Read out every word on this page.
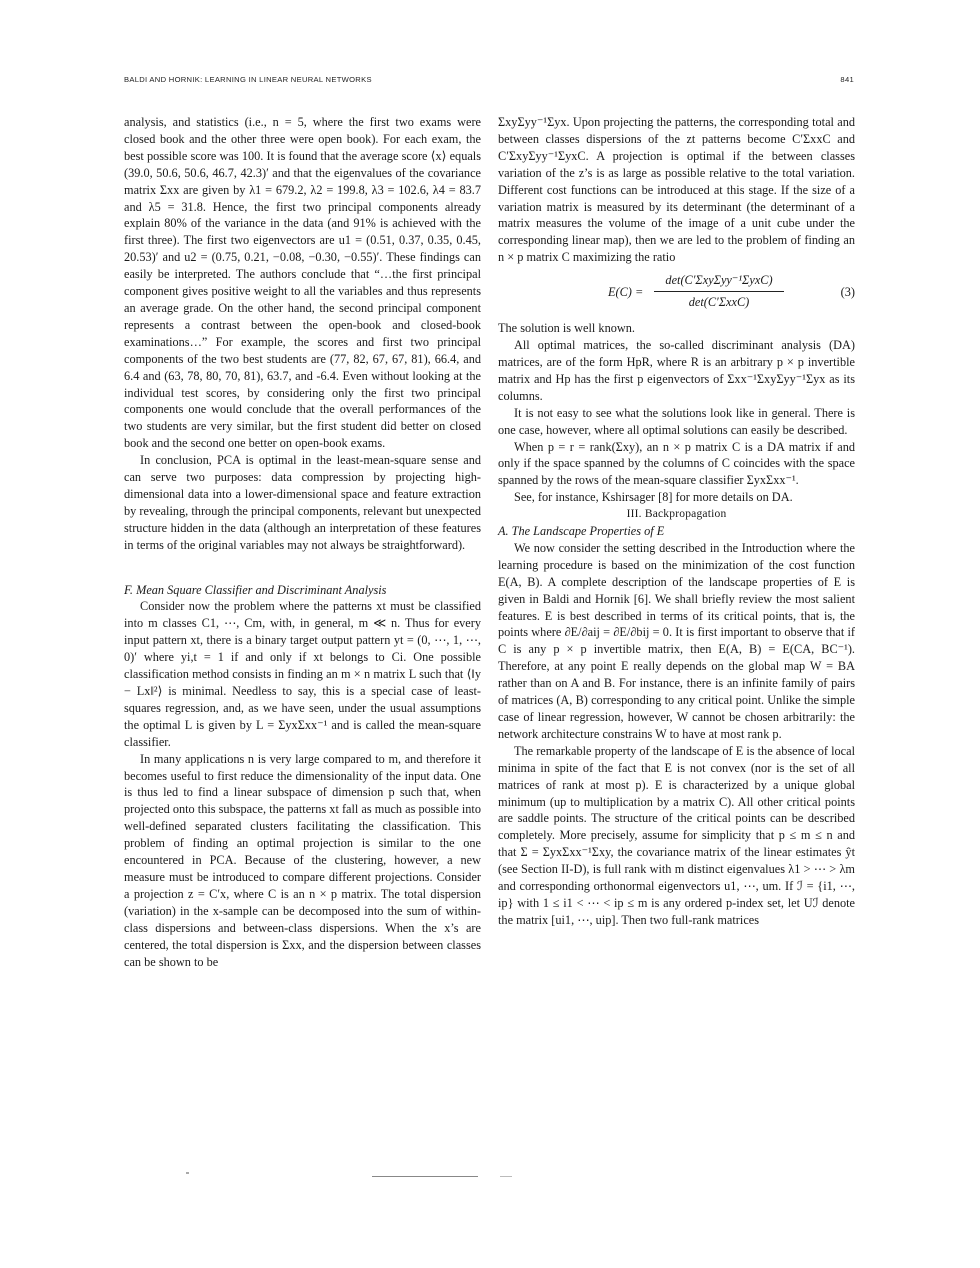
BALDI AND HORNIK: LEARNING IN LINEAR NEURAL NETWORKS	841

analysis, and statistics (i.e., n = 5, where the first two exams were closed book and the other three were open book). For each exam, the best possible score was 100. It is found that the average score ⟨x⟩ equals (39.0, 50.6, 50.6, 46.7, 42.3)′ and that the eigenvalues of the covariance matrix Σxx are given by λ1 = 679.2, λ2 = 199.8, λ3 = 102.6, λ4 = 83.7 and λ5 = 31.8. Hence, the first two principal components already explain 80% of the variance in the data (and 91% is achieved with the first three). The first two eigenvectors are u1 = (0.51, 0.37, 0.35, 0.45, 20.53)′ and u2 = (0.75, 0.21, −0.08, −0.30, −0.55)′. These findings can easily be interpreted. The authors conclude that “…the first principal component gives positive weight to all the variables and thus represents an average grade. On the other hand, the second principal component represents a contrast between the open-book and closed-book examinations…” For example, the scores and first two principal components of the two best students are (77, 82, 67, 67, 81), 66.4, and 6.4 and (63, 78, 80, 70, 81), 63.7, and -6.4. Even without looking at the individual test scores, by considering only the first two principal components one would conclude that the overall performances of the two students are very similar, but the first student did better on closed book and the second one better on open-book exams.

In conclusion, PCA is optimal in the least-mean-square sense and can serve two purposes: data compression by projecting high-dimensional data into a lower-dimensional space and feature extraction by revealing, through the principal components, relevant but unexpected structure hidden in the data (although an interpretation of these features in terms of the original variables may not always be straightforward).

F. Mean Square Classifier and Discriminant Analysis

Consider now the problem where the patterns xt must be classified into m classes C1, ⋯, Cm, with, in general, m ≪ n. Thus for every input pattern xt, there is a binary target output pattern yt = (0, ⋯, 1, ⋯, 0)′ where yi,t = 1 if and only if xt belongs to Ci. One possible classification method consists in finding an m × n matrix L such that ⟨‖y − Lx‖²⟩ is minimal. Needless to say, this is a special case of least-squares regression, and, as we have seen, under the usual assumptions the optimal L is given by L = ΣyxΣxx⁻¹ and is called the mean-square classifier.

In many applications n is very large compared to m, and therefore it becomes useful to first reduce the dimensionality of the input data. One is thus led to find a linear subspace of dimension p such that, when projected onto this subspace, the patterns xt fall as much as possible into well-defined separated clusters facilitating the classification. This problem of finding an optimal projection is similar to the one encountered in PCA. Because of the clustering, however, a new measure must be introduced to compare different projections. Consider a projection z = C′x, where C is an n × p matrix. The total dispersion (variation) in the x-sample can be decomposed into the sum of within-class dispersions and between-class dispersions. When the x’s are centered, the total dispersion is Σxx, and the dispersion between classes can be shown to be

ΣxyΣyy⁻¹Σyx. Upon projecting the patterns, the corresponding total and between classes dispersions of the zt patterns become C′ΣxxC and C′ΣxyΣyy⁻¹ΣyxC. A projection is optimal if the between classes variation of the z’s is as large as possible relative to the total variation. Different cost functions can be introduced at this stage. If the size of a variation matrix is measured by its determinant (the determinant of a matrix measures the volume of the image of a unit cube under the corresponding linear map), then we are led to the problem of finding an n × p matrix C maximizing the ratio

E(C) =
det(C′ΣxyΣyy⁻¹ΣyxC)
det(C′ΣxxC)
(3)

The solution is well known.

All optimal matrices, the so-called discriminant analysis (DA) matrices, are of the form HpR, where R is an arbitrary p × p invertible matrix and Hp has the first p eigenvectors of Σxx⁻¹ΣxyΣyy⁻¹Σyx as its columns.

It is not easy to see what the solutions look like in general. There is one case, however, where all optimal solutions can easily be described.

When p = r = rank(Σxy), an n × p matrix C is a DA matrix if and only if the space spanned by the columns of C coincides with the space spanned by the rows of the mean-square classifier ΣyxΣxx⁻¹.

See, for instance, Kshirsager [8] for more details on DA.

III. Backpropagation

A. The Landscape Properties of E

We now consider the setting described in the Introduction where the learning procedure is based on the minimization of the cost function E(A, B). A complete description of the landscape properties of E is given in Baldi and Hornik [6]. We shall briefly review the most salient features. E is best described in terms of its critical points, that is, the points where ∂E/∂aij = ∂E/∂bij = 0. It is first important to observe that if C is any p × p invertible matrix, then E(A, B) = E(CA, BC⁻¹). Therefore, at any point E really depends on the global map W = BA rather than on A and B. For instance, there is an infinite family of pairs of matrices (A, B) corresponding to any critical point. Unlike the simple case of linear regression, however, W cannot be chosen arbitrarily: the network architecture constrains W to have at most rank p.

The remarkable property of the landscape of E is the absence of local minima in spite of the fact that E is not convex (nor is the set of all matrices of rank at most p). E is characterized by a unique global minimum (up to multiplication by a matrix C). All other critical points are saddle points. The structure of the critical points can be described completely. More precisely, assume for simplicity that p ≤ m ≤ n and that Σ = ΣyxΣxx⁻¹Σxy, the covariance matrix of the linear estimates ŷt (see Section II-D), is full rank with m distinct eigenvalues λ1 > ⋯ > λm and corresponding orthonormal eigenvectors u1, ⋯, um. If ℐ = {i1, ⋯, ip} with 1 ≤ i1 < ⋯ < ip ≤ m is any ordered p-index set, let Uℐ denote the matrix [ui1, ⋯, uip]. Then two full-rank matrices
